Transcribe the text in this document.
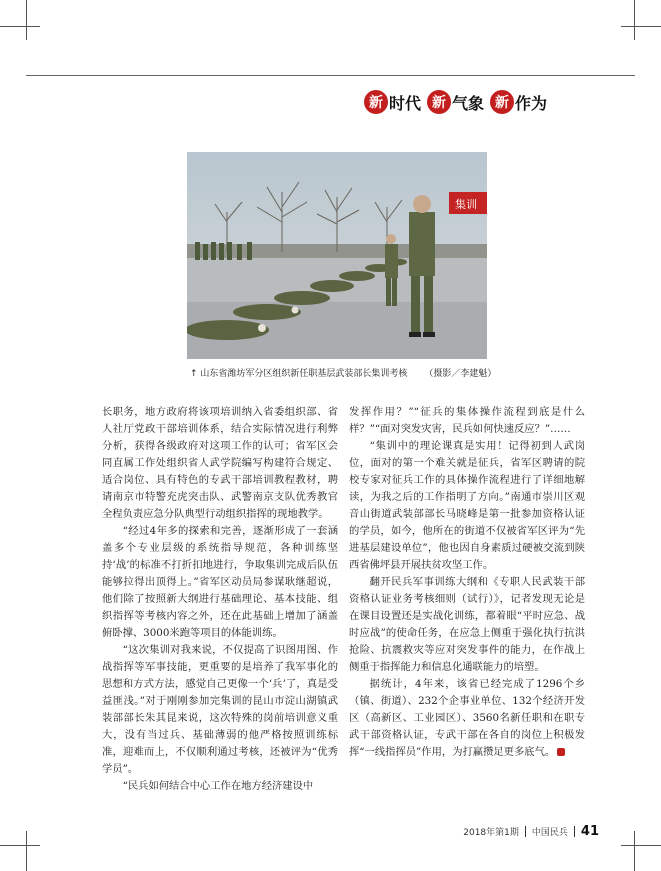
新 时代 新 气象 新 作为
集训
↑ 山东省潍坊军分区组织新任职基层武装部长集训考核 （摄影／李建魁）

长职务，地方政府将该项培训纳入省委组织部、省人社厅党政干部培训体系，结合实际情况进行利弊分析，获得各级政府对这项工作的认可；省军区会同直属工作处组织省人武学院编写构建符合规定、适合岗位、具有特色的专武干部培训教程教材，聘请南京市特警充虎突击队、武警南京支队优秀教官全程负责应急分队典型行动组织指挥的现地教学。

“经过4年多的探索和完善，逐渐形成了一套涵盖多个专业层级的系统指导规范，各种训练坚持‘战’的标准不打折扣地进行，争取集训完成后队伍能够拉得出顶得上。”省军区动员局参谋耿继超说，他们除了按照新大纲进行基础理论、基本技能、组织指挥等考核内容之外，还在此基础上增加了涵盖俯卧撑、3000米跑等项目的体能训练。

“这次集训对我来说，不仅提高了识图用图、作战指挥等军事技能，更重要的是培养了我军事化的思想和方式方法，感觉自己更像一个‘兵’了，真是受益匪浅。”对于刚刚参加完集训的昆山市淀山湖镇武装部部长朱其昆来说，这次特殊的岗前培训意义重大，没有当过兵、基础薄弱的他严格按照训练标准，迎难而上，不仅顺利通过考核，还被评为“优秀学员”。

“民兵如何结合中心工作在地方经济建设中

发挥作用？”“征兵的集体操作流程到底是什么样？”“面对突发灾害，民兵如何快速反应？”……

“集训中的理论课真是实用！记得初到人武岗位，面对的第一个难关就是征兵，省军区聘请的院校专家对征兵工作的具体操作流程进行了详细地解读，为我之后的工作指明了方向。”南通市崇川区观音山街道武装部部长马晓峰是第一批参加资格认证的学员，如今，他所在的街道不仅被省军区评为“先进基层建设单位”，他也因自身素质过硬被交流到陕西省佛坪县开展扶贫攻坚工作。

翻开民兵军事训练大纲和《专职人民武装干部资格认证业务考核细则（试行）》，记者发现无论是在课目设置还是实战化训练，都着眼“平时应急、战时应战”的使命任务，在应急上侧重于强化执行抗洪抢险、抗震救灾等应对突发事件的能力，在作战上侧重于指挥能力和信息化通联能力的培塑。

据统计，4年来，该省已经完成了1296个乡（镇、街道）、232个企事业单位、132个经济开发区（高新区、工业园区）、3560名新任职和在职专武干部资格认证，专武干部在各自的岗位上积极发挥“一线指挥员”作用，为打赢攒足更多底气。

2018年第1期 中国民兵 41
